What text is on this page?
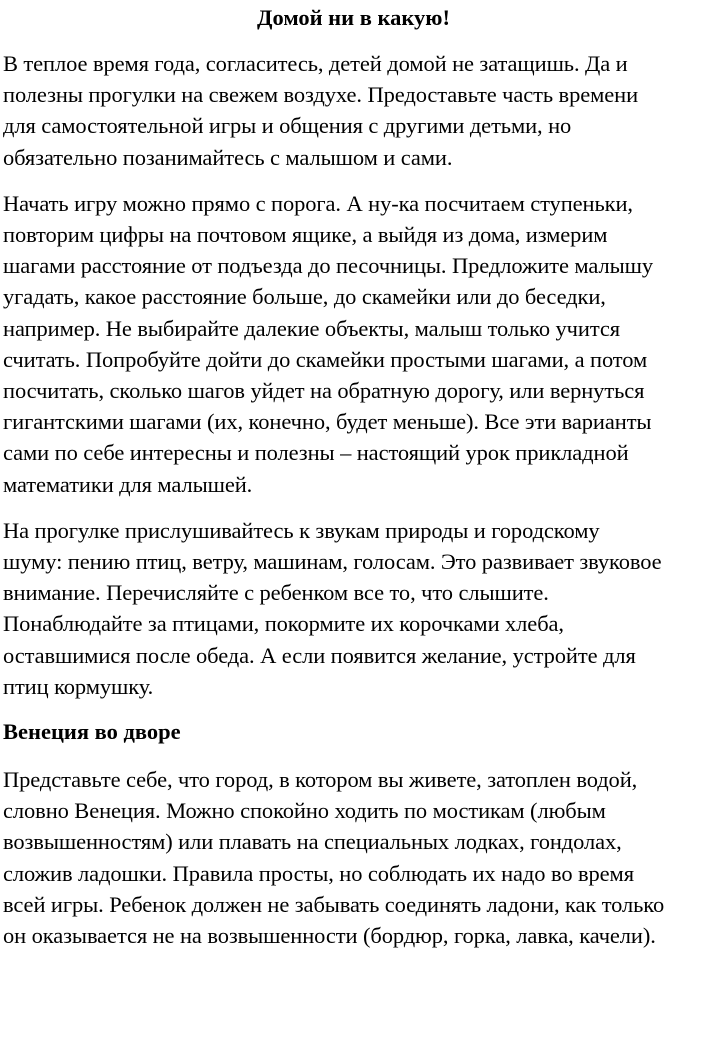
Домой ни в какую!

В теплое время года, согласитесь, детей домой не затащишь. Да и
полезны прогулки на свежем воздухе. Предоставьте часть времени
для самостоятельной игры и общения с другими детьми, но
обязательно позанимайтесь с малышом и сами.

Начать игру можно прямо с порога. А ну-ка посчитаем ступеньки,
повторим цифры на почтовом ящике, а выйдя из дома, измерим
шагами расстояние от подъезда до песочницы. Предложите малышу
угадать, какое расстояние больше, до скамейки или до беседки,
например. Не выбирайте далекие объекты, малыш только учится
считать. Попробуйте дойти до скамейки простыми шагами, а потом
посчитать, сколько шагов уйдет на обратную дорогу, или вернуться
гигантскими шагами (их, конечно, будет меньше). Все эти варианты
сами по себе интересны и полезны – настоящий урок прикладной
математики для малышей.

На прогулке прислушивайтесь к звукам природы и городскому
шуму: пению птиц, ветру, машинам, голосам. Это развивает звуковое
внимание. Перечисляйте с ребенком все то, что слышите.
Понаблюдайте за птицами, покормите их корочками хлеба,
оставшимися после обеда. А если появится желание, устройте для
птиц кормушку.

Венеция во дворе

Представьте себе, что город, в котором вы живете, затоплен водой,
словно Венеция. Можно спокойно ходить по мостикам (любым
возвышенностям) или плавать на специальных лодках, гондолах,
сложив ладошки. Правила просты, но соблюдать их надо во время
всей игры. Ребенок должен не забывать соединять ладони, как только
он оказывается не на возвышенности (бордюр, горка, лавка, качели).
